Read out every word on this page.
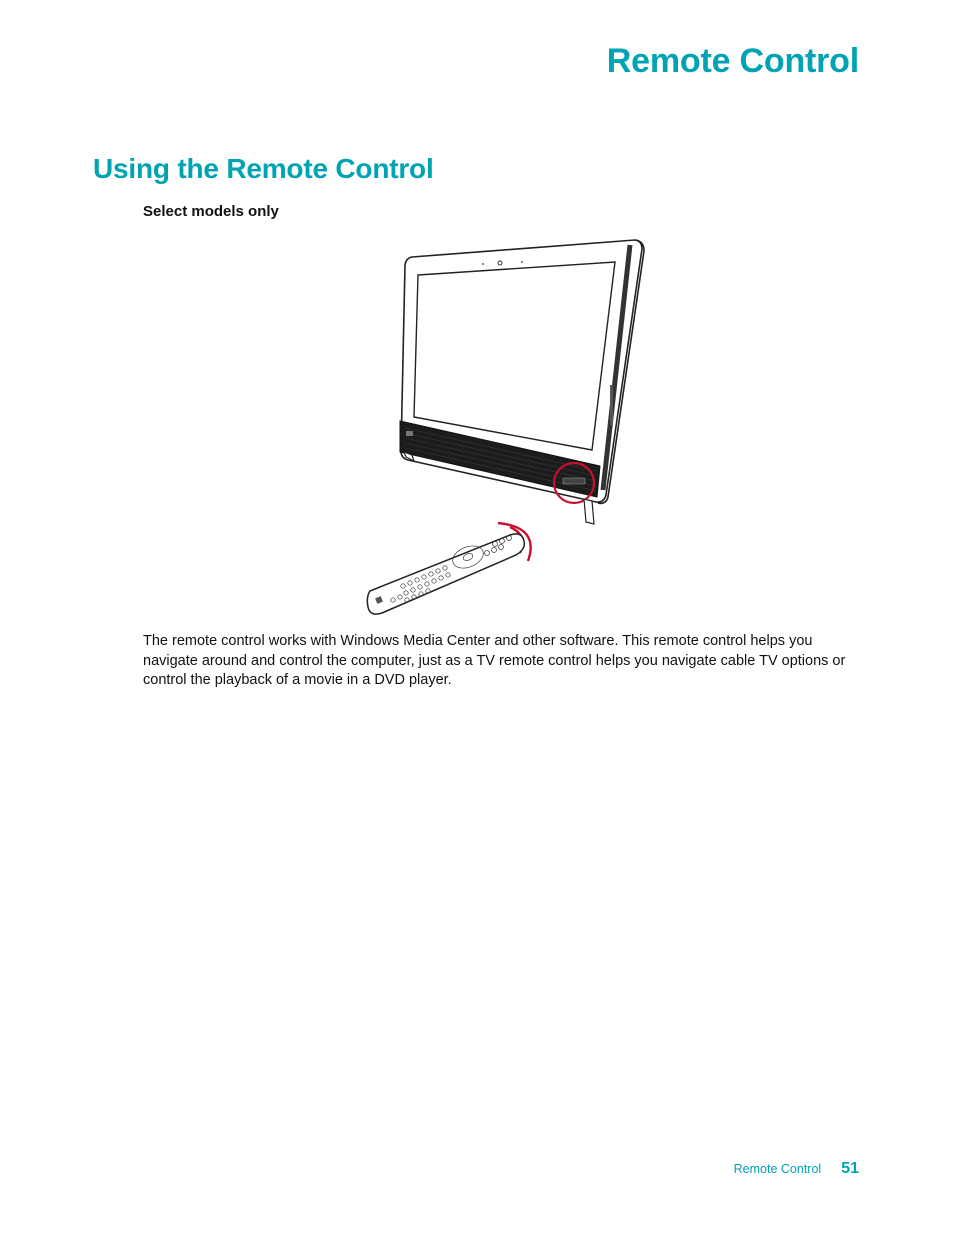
Remote Control
Using the Remote Control

Select models only

The remote control works with Windows Media Center and other software. This remote control helps you navigate around and control the computer, just as a TV remote control helps you navigate cable TV options or control the playback of a movie in a DVD player.

Remote Control 51
